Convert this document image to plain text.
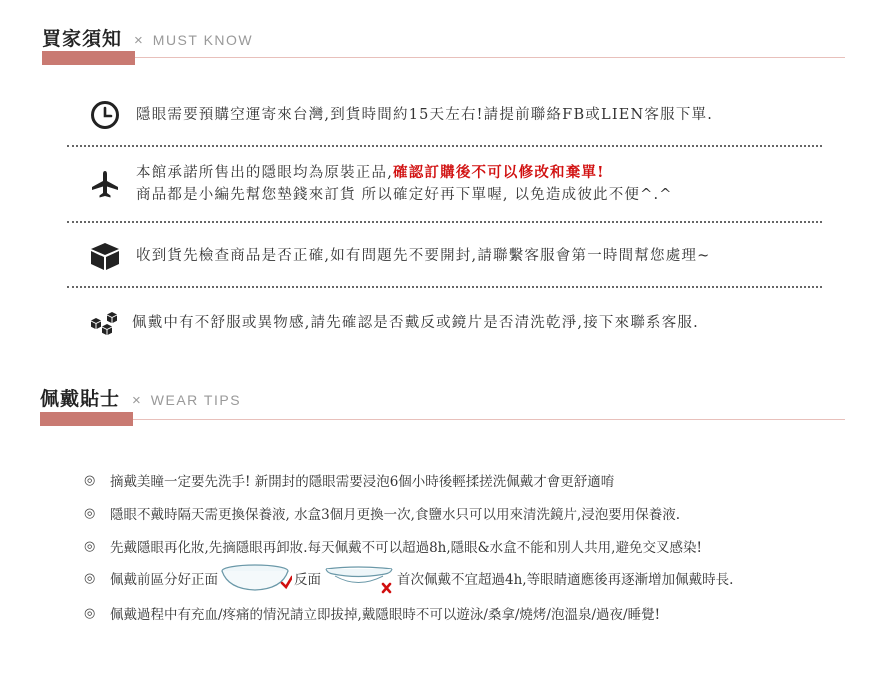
買家須知 × MUST KNOW
隱眼需要預購空運寄來台灣,到貨時間約15天左右!請提前聯絡FB或LIEN客服下單.
本館承諾所售出的隱眼均為原裝正品,確認訂購後不可以修改和棄單!
商品都是小編先幫您墊錢來訂貨 所以確定好再下單喔, 以免造成彼此不便^.^
收到貨先檢查商品是否正確,如有問題先不要開封,請聯繫客服會第一時間幫您處理~
佩戴中有不舒服或異物感,請先確認是否戴反或鏡片是否清洗乾淨,接下來聯系客服.
佩戴貼士 × WEAR TIPS
◎	摘戴美瞳一定要先洗手! 新開封的隱眼需要浸泡6個小時後輕揉搓洗佩戴才會更舒適唷
◎	隱眼不戴時隔天需更換保養液, 水盒3個月更換一次,食鹽水只可以用來清洗鏡片,浸泡要用保養液.
◎	先戴隱眼再化妝,先摘隱眼再卸妝.每天佩戴不可以超過8h,隱眼&水盒不能和別人共用,避免交叉感染!
◎	佩戴前區分好正面	反面	首次佩戴不宜超過4h,等眼睛適應後再逐漸增加佩戴時長.
◎	佩戴過程中有充血/疼痛的情況請立即拔掉,戴隱眼時不可以遊泳/桑拿/燒烤/泡溫泉/過夜/睡覺!
